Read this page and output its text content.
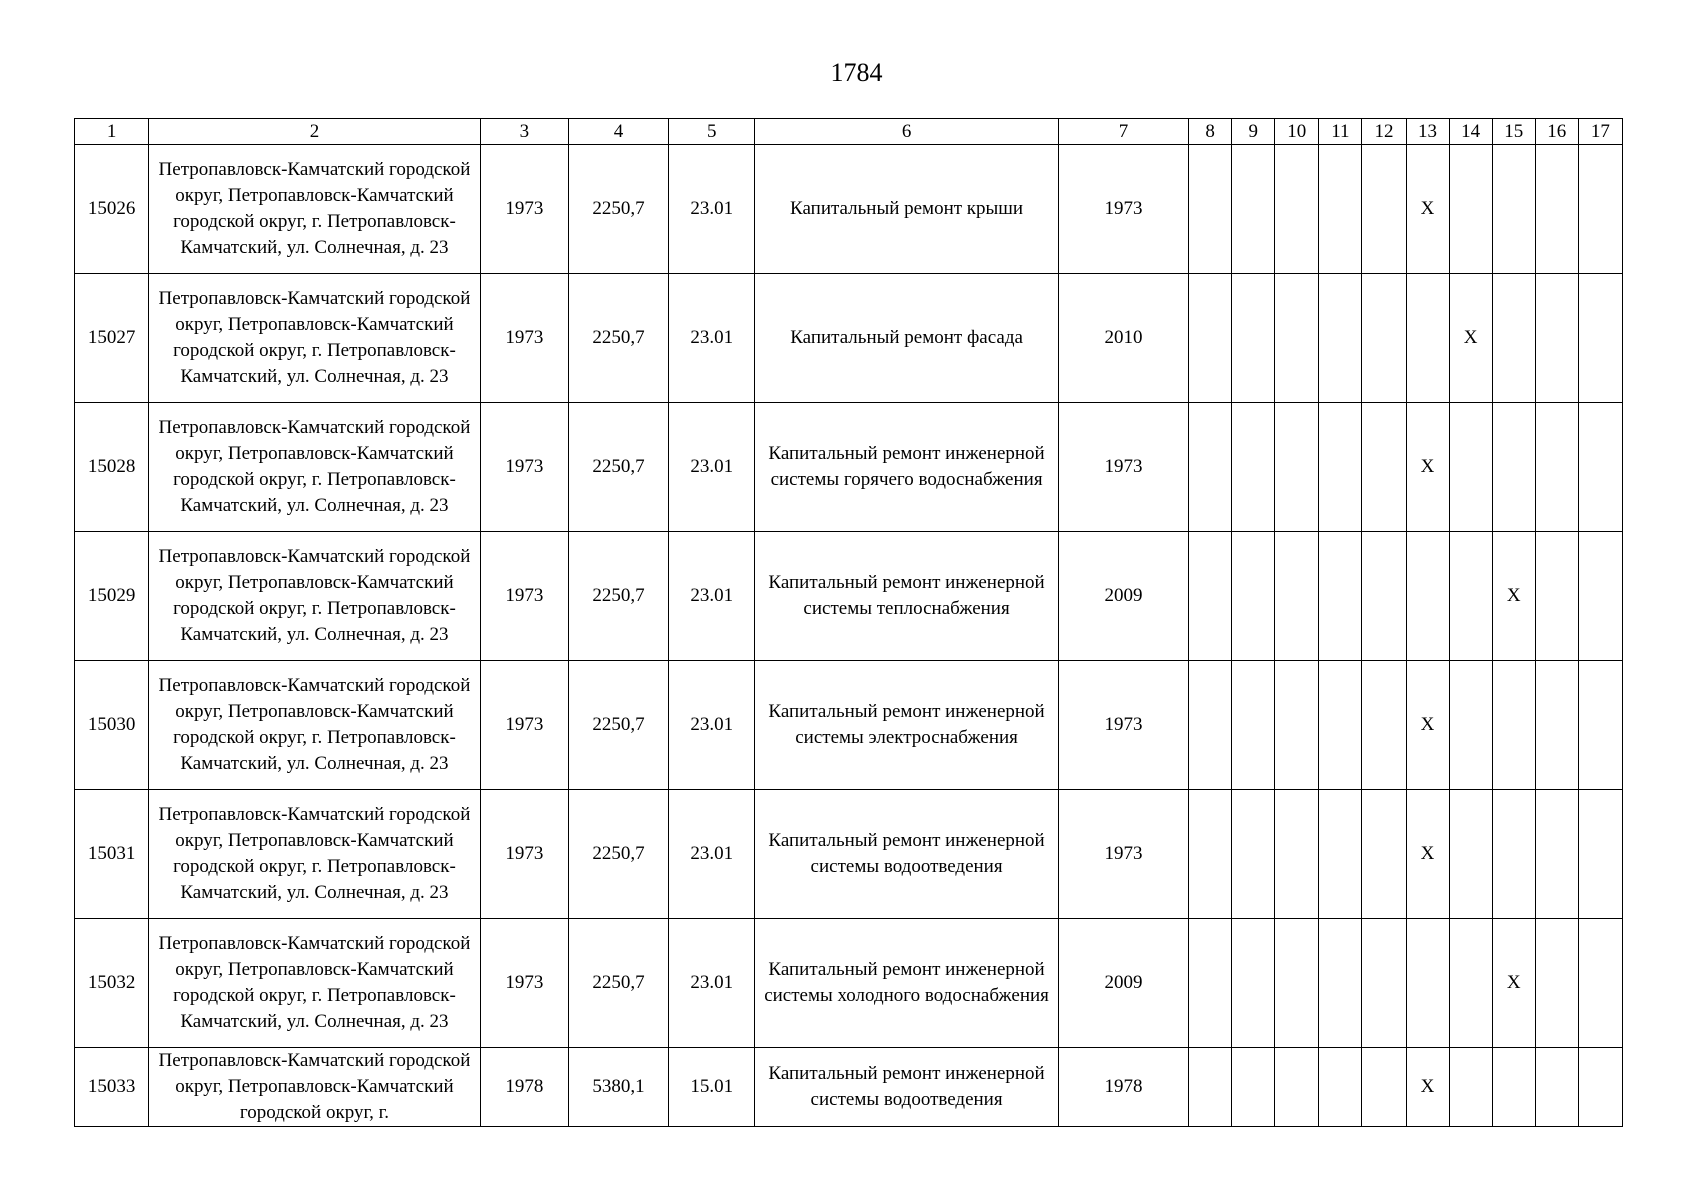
1784
1	2	3	4	5	6	7	8	9	10	11	12	13	14	15	16	17
15026	Петропавловск-Камчатский городской округ, Петропавловск-Камчатский городской округ, г. Петропавловск-Камчатский, ул. Солнечная, д. 23	1973	2250,7	23.01	Капитальный ремонт крыши	1973						X				
15027	Петропавловск-Камчатский городской округ, Петропавловск-Камчатский городской округ, г. Петропавловск-Камчатский, ул. Солнечная, д. 23	1973	2250,7	23.01	Капитальный ремонт фасада	2010							X			
15028	Петропавловск-Камчатский городской округ, Петропавловск-Камчатский городской округ, г. Петропавловск-Камчатский, ул. Солнечная, д. 23	1973	2250,7	23.01	Капитальный ремонт инженерной системы горячего водоснабжения	1973						X				
15029	Петропавловск-Камчатский городской округ, Петропавловск-Камчатский городской округ, г. Петропавловск-Камчатский, ул. Солнечная, д. 23	1973	2250,7	23.01	Капитальный ремонт инженерной системы теплоснабжения	2009								X		
15030	Петропавловск-Камчатский городской округ, Петропавловск-Камчатский городской округ, г. Петропавловск-Камчатский, ул. Солнечная, д. 23	1973	2250,7	23.01	Капитальный ремонт инженерной системы электроснабжения	1973						X				
15031	Петропавловск-Камчатский городской округ, Петропавловск-Камчатский городской округ, г. Петропавловск-Камчатский, ул. Солнечная, д. 23	1973	2250,7	23.01	Капитальный ремонт инженерной системы водоотведения	1973						X				
15032	Петропавловск-Камчатский городской округ, Петропавловск-Камчатский городской округ, г. Петропавловск-Камчатский, ул. Солнечная, д. 23	1973	2250,7	23.01	Капитальный ремонт инженерной системы холодного водоснабжения	2009								X		
15033	Петропавловск-Камчатский городской округ, Петропавловск-Камчатский городской округ, г.	1978	5380,1	15.01	Капитальный ремонт инженерной системы водоотведения	1978						X				
